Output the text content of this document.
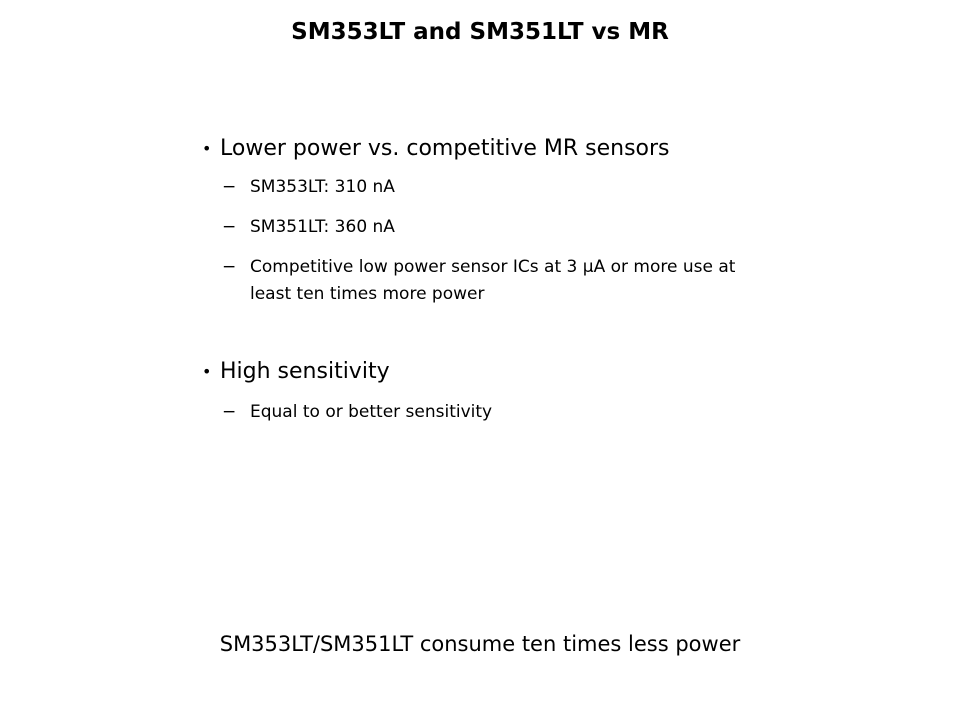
SM353LT and SM351LT vs MR
• Lower power vs. competitive MR sensors
− SM353LT: 310 nA
− SM351LT: 360 nA
− Competitive low power sensor ICs at 3 µA or more use at least ten times more power
• High sensitivity
− Equal to or better sensitivity
SM353LT/SM351LT consume ten times less power
